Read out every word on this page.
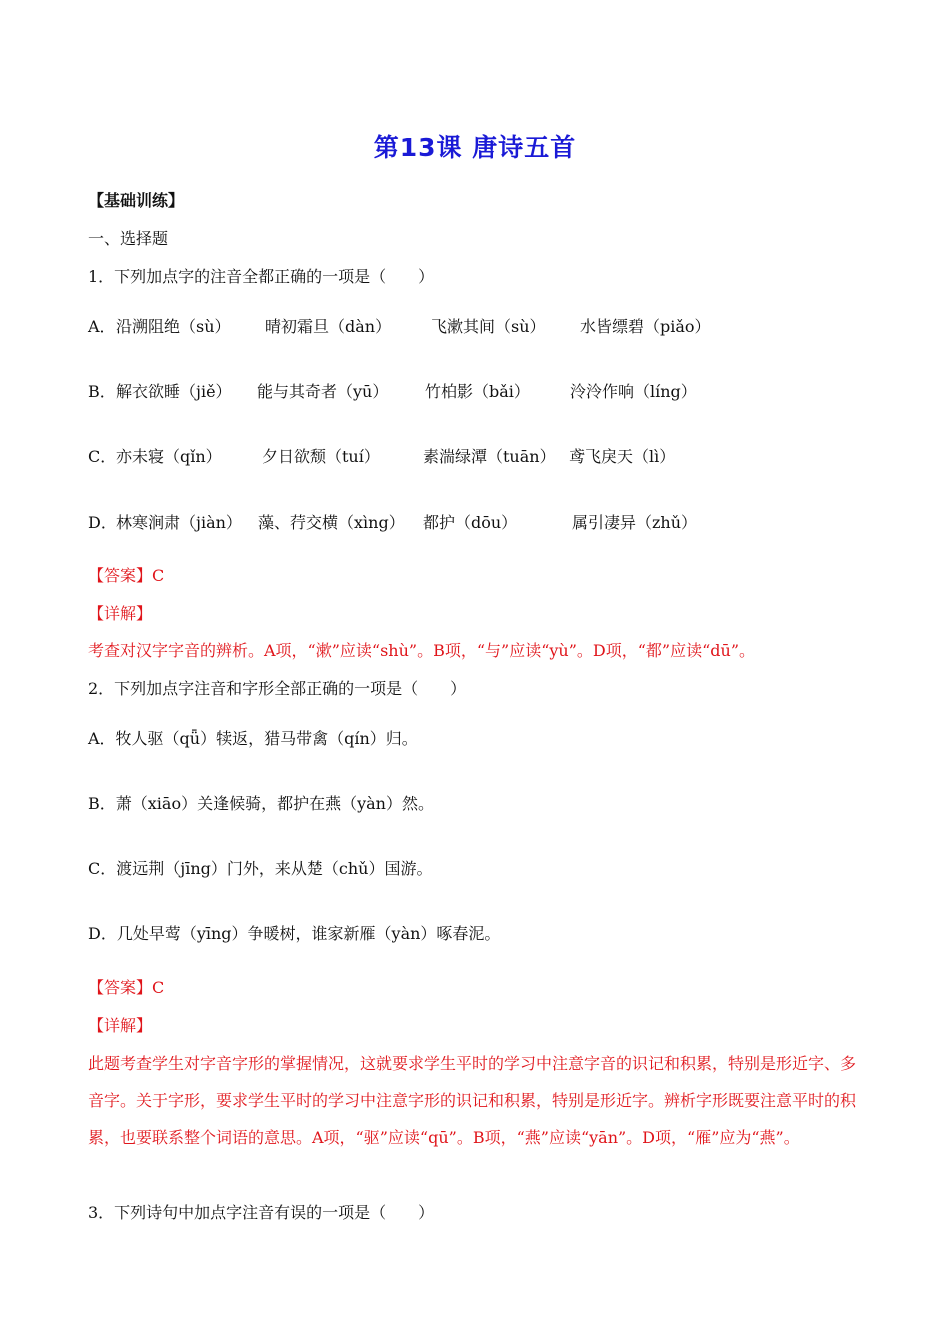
第13课 唐诗五首
【基础训练】
一、选择题
1．下列加点字的注音全都正确的一项是（　　）
A． 沿溯阻绝（sù） 晴初霜旦（dàn） 飞漱其间（sù） 水皆缥碧（piǎo）
B． 解衣欲睡（jiě） 能与其奇者（yū） 竹柏影（bǎi）	泠泠作响（líng）
C． 亦未寝（qǐn）	夕日欲颓（tuí）	素湍绿潭（tuān） 鸢飞戾天（lì）
D． 林寒涧肃（jiàn） 藻、荇交横（xìng） 都护（dōu）	属引凄异（zhǔ）
【答案】C
【详解】
考查对汉字字音的辨析。A项，“漱”应读“shù”。B项，“与”应读“yù”。D项，“都”应读“dū”。
2．下列加点字注音和字形全部正确的一项是（　　）
A．牧人驱（qǖ）犊返，猎马带禽（qín）归。
B．萧（xiāo）关逢候骑，都护在燕（yàn）然。
C．渡远荆（jīng）门外，来从楚（chǔ）国游。
D．几处早莺（yīng）争暖树，谁家新雁（yàn）啄春泥。
【答案】C
【详解】
此题考查学生对字音字形的掌握情况，这就要求学生平时的学习中注意字音的识记和积累，特别是形近字、多音字。关于字形，要求学生平时的学习中注意字形的识记和积累，特别是形近字。辨析字形既要注意平时的积累，也要联系整个词语的意思。A项，“驱”应读“qū”。B项，“燕”应读“yān”。D项，“雁”应为“燕”。
3．下列诗句中加点字注音有误的一项是（　　）
